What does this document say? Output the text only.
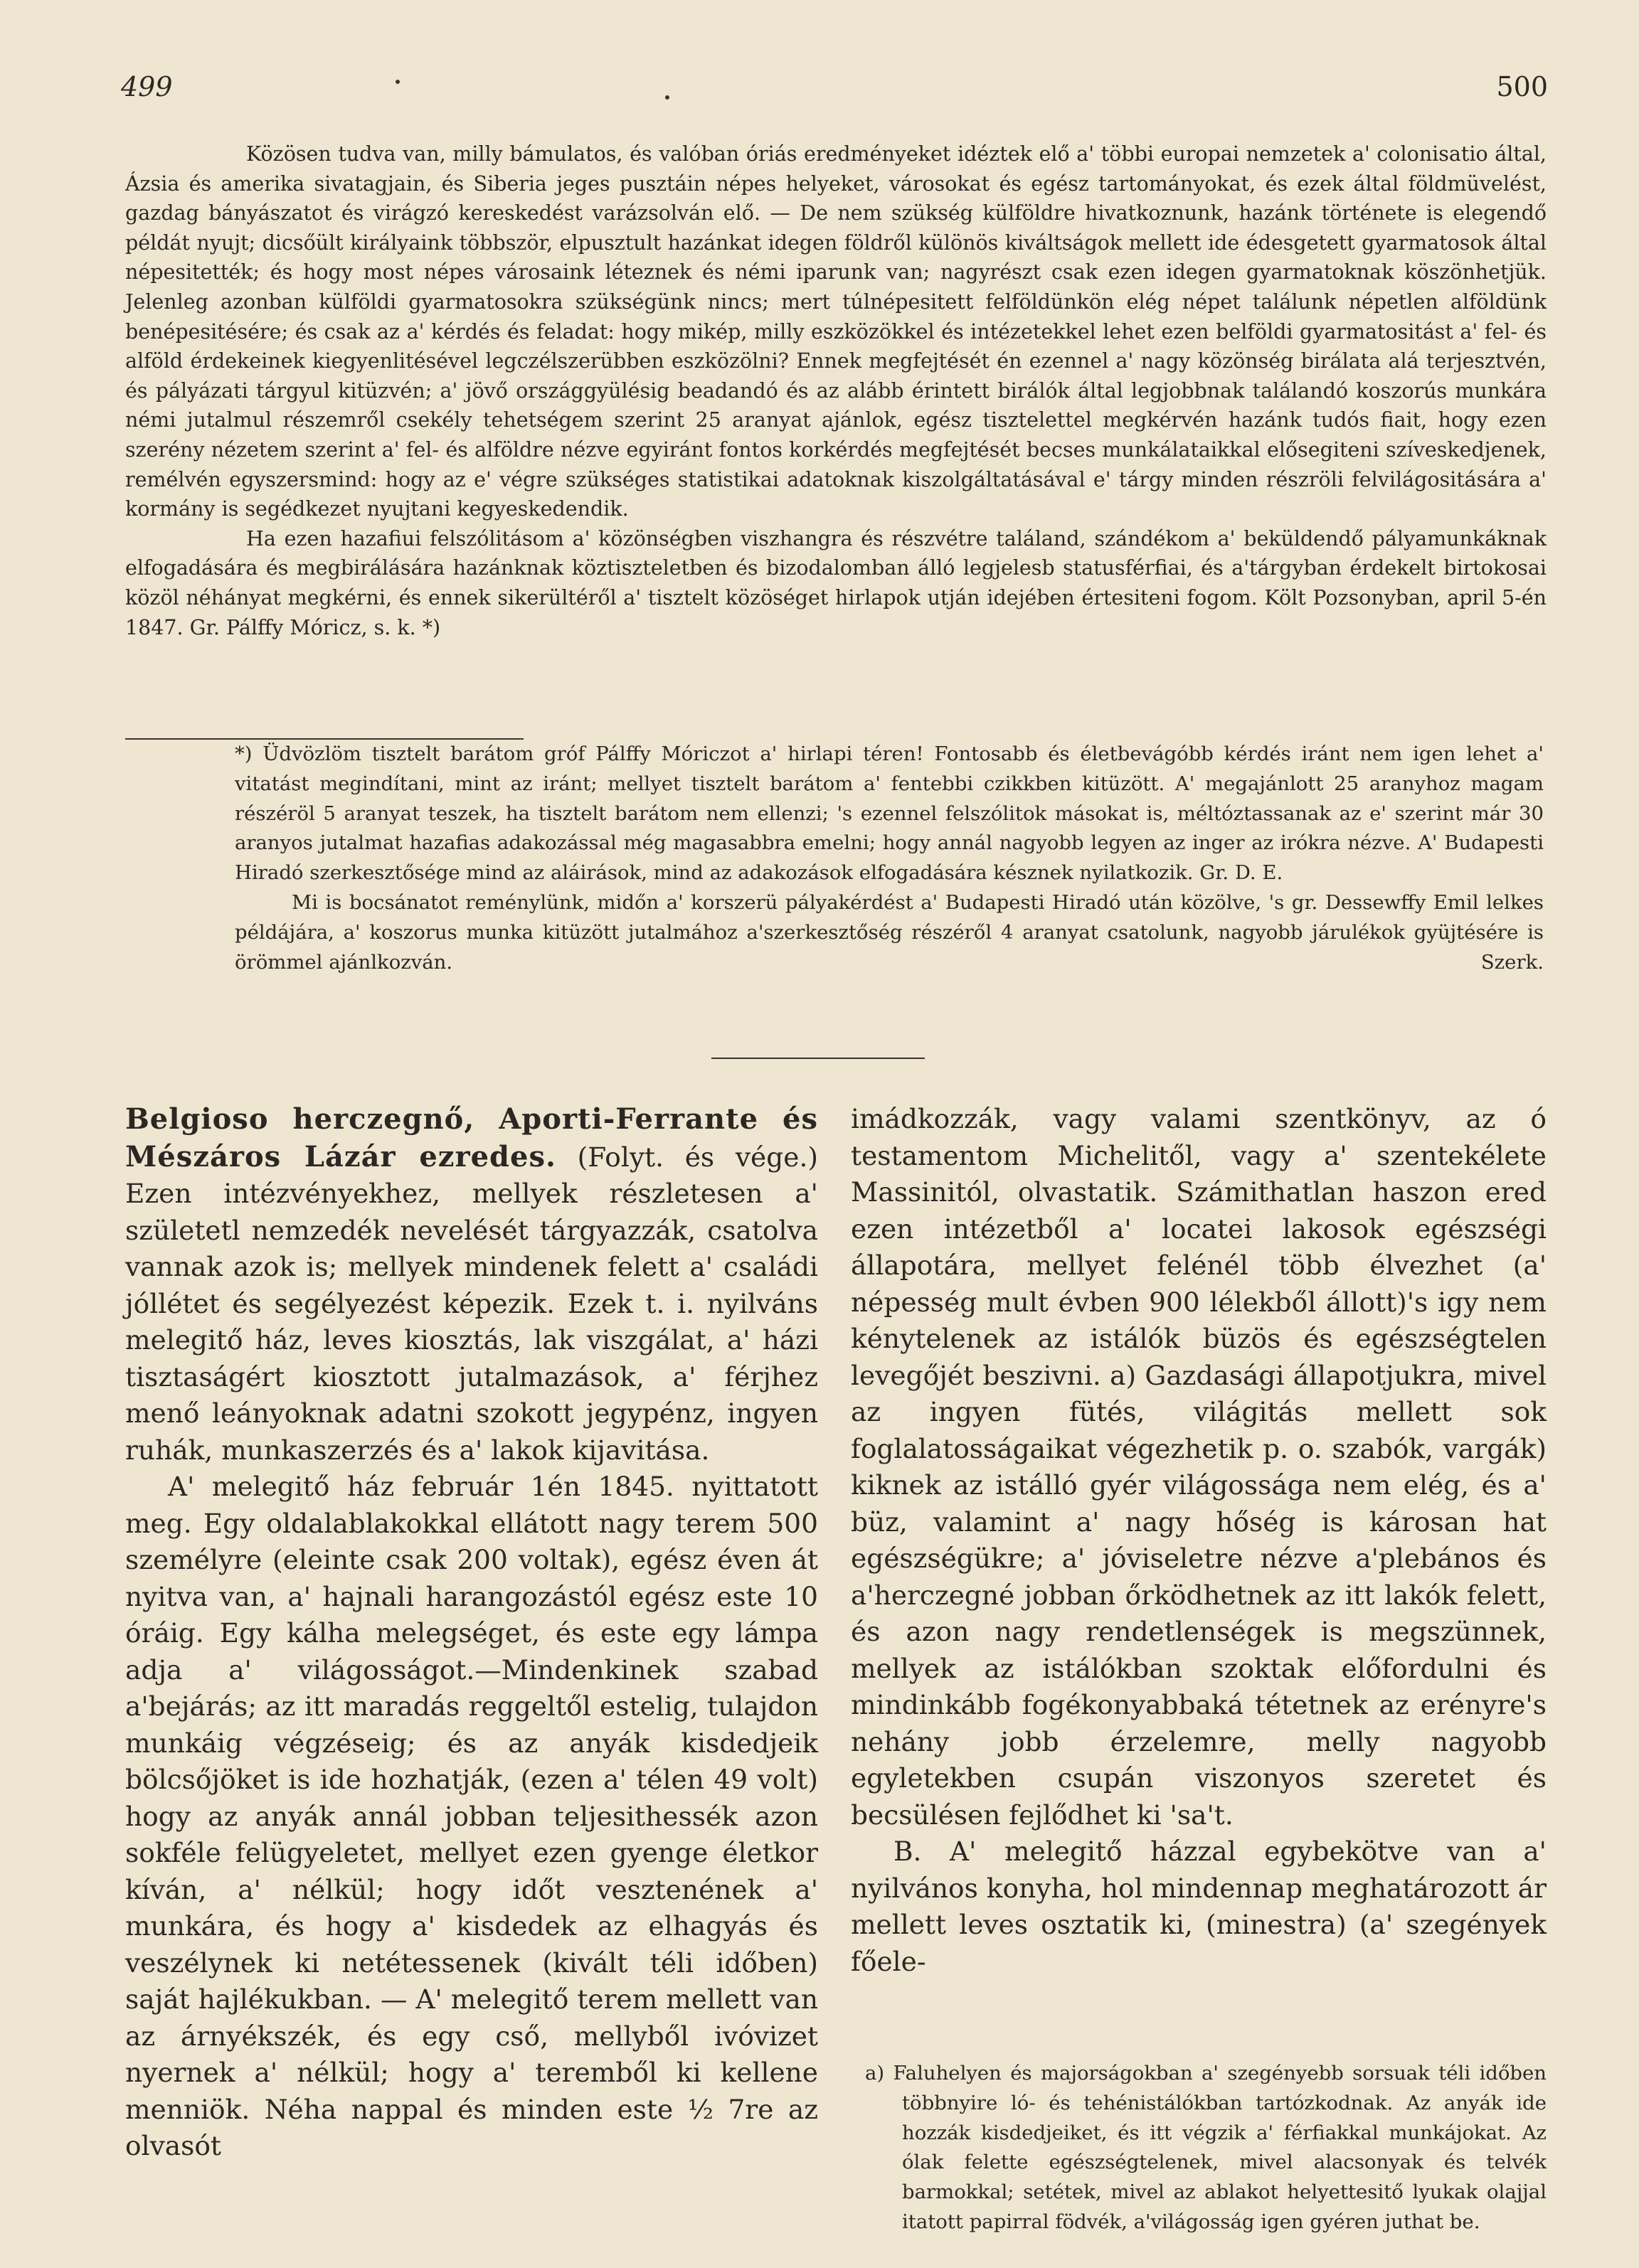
499	500

Közösen tudva van, milly bámulatos, és valóban óriás eredményeket idéztek elő a' többi europai nemzetek a' colonisatio által, Ázsia és amerika sivatagjain, és Siberia jeges pusztáin népes helyeket, városokat és egész tartományokat, és ezek által földmüvelést, gazdag bányászatot és virágzó kereskedést varázsolván elő. — De nem szükség külföldre hivatkoznunk, hazánk története is elegendő példát nyujt; dicsőült királyaink többször, elpusztult hazánkat idegen földről különös kiváltságok mellett ide édesgetett gyarmatosok által népesitették; és hogy most népes városaink léteznek és némi iparunk van; nagyrészt csak ezen idegen gyarmatoknak köszönhetjük. Jelenleg azonban külföldi gyarmatosokra szükségünk nincs; mert túlnépesitett felföldünkön elég népet találunk népetlen alföldünk benépesitésére; és csak az a' kérdés és feladat: hogy mikép, milly eszközökkel és intézetekkel lehet ezen belföldi gyarmatositást a' fel- és alföld érdekeinek kiegyenlitésével legczélszerübben eszközölni? Ennek megfejtését én ezennel a' nagy közönség birálata alá terjesztvén, és pályázati tárgyul kitüzvén; a' jövő országgyülésig beadandó és az alább érintett birálók által legjobbnak találandó koszorús munkára némi jutalmul részemről csekély tehetségem szerint 25 aranyat ajánlok, egész tisztelettel megkérvén hazánk tudós fiait, hogy ezen szerény nézetem szerint a' fel- és alföldre nézve egyiránt fontos korkérdés megfejtését becses munkálataikkal elősegiteni szíveskedjenek, remélvén egyszersmind: hogy az e' végre szükséges statistikai adatoknak kiszolgáltatásával e' tárgy minden részröli felvilágositására a' kormány is segédkezet nyujtani kegyeskedendik.

Ha ezen hazafiui felszólitásom a' közönségben viszhangra és részvétre találand, szándékom a' beküldendő pályamunkáknak elfogadására és megbirálására hazánknak köztiszteletben és bizodalomban álló legjelesb statusférfiai, és a'tárgyban érdekelt birtokosai közöl néhányat megkérni, és ennek sikerültéről a' tisztelt közöséget hirlapok utján idejében értesiteni fogom. Költ Pozsonyban, april 5-én 1847. Gr. Pálffy Móricz, s. k. *)

*) Üdvözlöm tisztelt barátom gróf Pálffy Móriczot a' hirlapi téren! Fontosabb és életbevágóbb kérdés iránt nem igen lehet a' vitatást megindítani, mint az iránt; mellyet tisztelt barátom a' fentebbi czikkben kitüzött. A' megajánlott 25 aranyhoz magam részéröl 5 aranyat teszek, ha tisztelt barátom nem ellenzi; 's ezennel felszólitok másokat is, méltóztassanak az e' szerint már 30 aranyos jutalmat hazafias adakozással még magasabbra emelni; hogy annál nagyobb legyen az inger az irókra nézve. A' Budapesti Hiradó szerkesztősége mind az aláirások, mind az adakozások elfogadására késznek nyilatkozik. Gr. D. E.

Mi is bocsánatot reménylünk, midőn a' korszerü pályakérdést a' Budapesti Hiradó után közölve, 's gr. Dessewffy Emil lelkes példájára, a' koszorus munka kitüzött jutalmához a'szerkesztőség részéről 4 aranyat csatolunk, nagyobb járulékok gyüjtésére is örömmel ajánlkozván.	Szerk.

Belgioso herczegnő, Aporti-Ferrante és Mészáros Lázár ezredes. (Folyt. és vége.) Ezen intézvényekhez, mellyek részletesen a' születetl nemzedék nevelését tárgyazzák, csatolva vannak azok is; mellyek mindenek felett a' családi jóllétet és segélyezést képezik. Ezek t. i. nyilváns melegitő ház, leves kiosztás, lak viszgálat, a' házi tisztaságért kiosztott jutalmazások, a' férjhez menő leányoknak adatni szokott jegypénz, ingyen ruhák, munkaszerzés és a' lakok kijavitása.

A' melegitő ház február 1én 1845. nyittatott meg. Egy oldalablakokkal ellátott nagy terem 500 személyre (eleinte csak 200 voltak), egész éven át nyitva van, a' hajnali harangozástól egész este 10 óráig. Egy kálha melegséget, és este egy lámpa adja a' világosságot.—Mindenkinek szabad a'bejárás; az itt maradás reggeltől estelig, tulajdon munkáig végzéseig; és az anyák kisdedjeik bölcsőjöket is ide hozhatják, (ezen a' télen 49 volt) hogy az anyák annál jobban teljesithessék azon sokféle felügyeletet, mellyet ezen gyenge életkor kíván, a' nélkül; hogy időt vesztenének a' munkára, és hogy a' kisdedek az elhagyás és veszélynek ki netétessenek (kivált téli időben) saját hajlékukban. — A' melegitő terem mellett van az árnyékszék, és egy cső, mellyből ivóvizet nyernek a' nélkül; hogy a' teremből ki kellene menniök. Néha nappal és minden este ½ 7re az olvasót

imádkozzák, vagy valami szentkönyv, az ó testamentom Michelitől, vagy a' szentekélete Massinitól, olvastatik. Számithatlan haszon ered ezen intézetből a' locatei lakosok egészségi állapotára, mellyet felénél több élvezhet (a' népesség mult évben 900 lélekből állott)'s igy nem kénytelenek az istálók büzös és egészségtelen levegőjét beszivni. a) Gazdasági állapotjukra, mivel az ingyen fütés, világitás mellett sok foglalatosságaikat végezhetik p. o. szabók, vargák) kiknek az istálló gyér világossága nem elég, és a' büz, valamint a' nagy hőség is károsan hat egészségükre; a' jóviseletre nézve a'plebános és a'herczegné jobban őrködhetnek az itt lakók felett, és azon nagy rendetlenségek is megszünnek, mellyek az istálókban szoktak előfordulni és mindinkább fogékonyabbaká tétetnek az erényre's nehány jobb érzelemre, melly nagyobb egyletekben csupán viszonyos szeretet és becsülésen fejlődhet ki 'sa't.

B. A' melegitő házzal egybekötve van a' nyilvános konyha, hol mindennap meghatározott ár mellett leves osztatik ki, (minestra) (a' szegények főele-

a) Faluhelyen és majorságokban a' szegényebb sorsuak téli időben többnyire ló- és tehénistálókban tartózkodnak. Az anyák ide hozzák kisdedjeiket, és itt végzik a' férfiakkal munkájokat. Az ólak felette egészségtelenek, mivel alacsonyak és telvék barmokkal; setétek, mivel az ablakot helyettesitő lyukak olajjal itatott papirral födvék, a'világosság igen gyéren juthat be.
